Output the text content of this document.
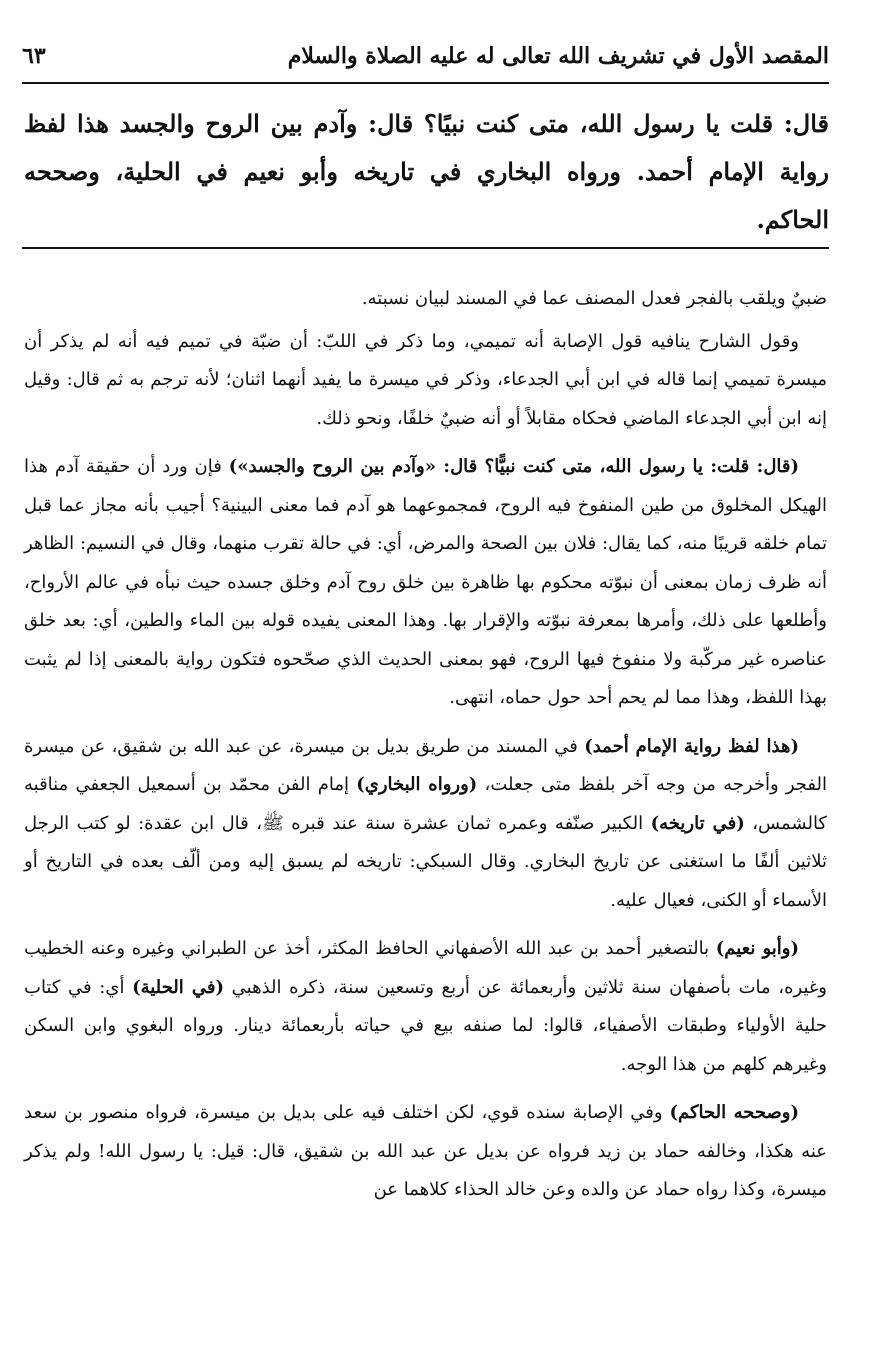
المقصد الأول في تشريف الله تعالى له عليه الصلاة والسلام
٦٣
قال: قلت يا رسول الله، متى كنت نبيًا؟ قال: وآدم بين الروح والجسد هذا لفظ رواية الإمام أحمد. ورواه البخاري في تاريخه وأبو نعيم في الحلية، وصححه الحاكم.

ضبيٌ ويلقب بالفجر فعدل المصنف عما في المسند لبيان نسبته.

وقول الشارح ينافيه قول الإصابة أنه تميمي، وما ذكر في اللبّ: أن ضبّة في تميم فيه أنه لم يذكر أن ميسرة تميمي إنما قاله في ابن أبي الجدعاء، وذكر في ميسرة ما يفيد أنهما اثنان؛ لأنه ترجم به ثم قال: وقيل إنه ابن أبي الجدعاء الماضي فحكاه مقابلاً أو أنه ضبيٌ خلفًا، ونحو ذلك.

(قال: قلت: يا رسول الله، متى كنت نبيًّا؟ قال: «وآدم بين الروح والجسد») فإن ورد أن حقيقة آدم هذا الهيكل المخلوق من طين المنفوخ فيه الروح، فمجموعهما هو آدم فما معنى البينية؟ أجيب بأنه مجاز عما قبل تمام خلقه قريبًا منه، كما يقال: فلان بين الصحة والمرض، أي: في حالة تقرب منهما، وقال في النسيم: الظاهر أنه ظرف زمان بمعنى أن نبوّته محكوم بها ظاهرة بين خلق روح آدم وخلق جسده حيث نبأه في عالم الأرواح، وأطلعها على ذلك، وأمرها بمعرفة نبوّته والإقرار بها. وهذا المعنى يفيده قوله بين الماء والطين، أي: بعد خلق عناصره غير مركّبة ولا منفوخ فيها الروح، فهو بمعنى الحديث الذي صحّحوه فتكون رواية بالمعنى إذا لم يثبت بهذا اللفظ، وهذا مما لم يحم أحد حول حماه، انتهى.

(هذا لفظ رواية الإمام أحمد) في المسند من طريق بديل بن ميسرة، عن عبد الله بن شقيق، عن ميسرة الفجر وأخرجه من وجه آخر بلفظ متى جعلت، (ورواه البخاري) إمام الفن محمّد بن أسمعيل الجعفي مناقبه كالشمس، (في تاريخه) الكبير صنّفه وعمره ثمان عشرة سنة عند قبره ﷺ، قال ابن عقدة: لو كتب الرجل ثلاثين ألفًا ما استغنى عن تاريخ البخاري. وقال السبكي: تاريخه لم يسبق إليه ومن ألّف بعده في التاريخ أو الأسماء أو الكنى، فعيال عليه.

(وأبو نعيم) بالتصغير أحمد بن عبد الله الأصفهاني الحافظ المكثر، أخذ عن الطبراني وغيره وعنه الخطيب وغيره، مات بأصفهان سنة ثلاثين وأربعمائة عن أربع وتسعين سنة، ذكره الذهبي (في الحلية) أي: في كتاب حلية الأولياء وطبقات الأصفياء، قالوا: لما صنفه بيع في حياته بأربعمائة دينار. ورواه البغوي وابن السكن وغيرهم كلهم من هذا الوجه.

(وصححه الحاكم) وفي الإصابة سنده قوي، لكن اختلف فيه على بديل بن ميسرة، فرواه منصور بن سعد عنه هكذا، وخالفه حماد بن زيد فرواه عن بديل عن عبد الله بن شقيق، قال: قيل: يا رسول الله! ولم يذكر ميسرة، وكذا رواه حماد عن والده وعن خالد الحذاء كلاهما عن
